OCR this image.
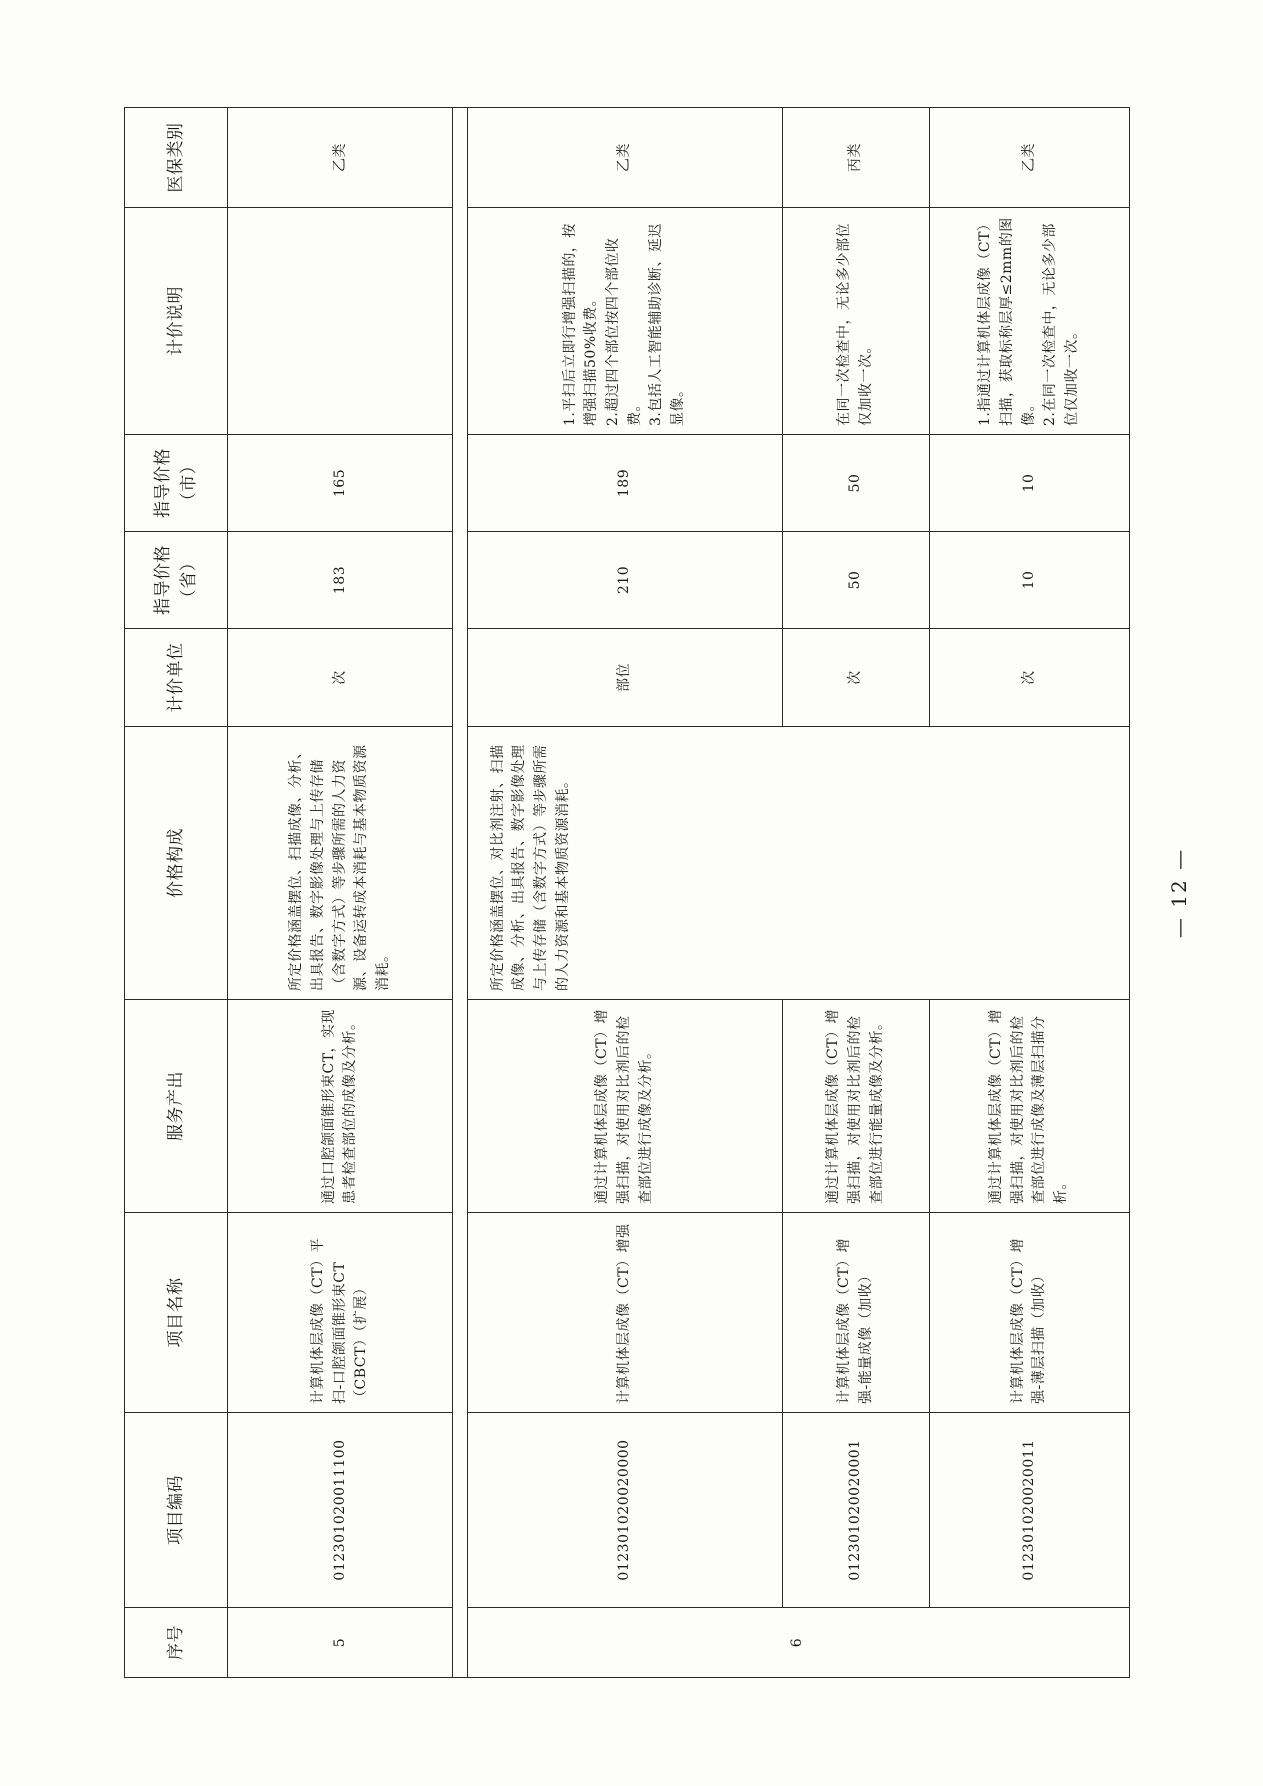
序号	项目编码	项目名称	服务产出	价格构成	计价单位	指导价格（省）	指导价格（市）	计价说明	医保类别
5	012301020011100	计算机体层成像（CT）平扫-口腔颌面锥形束CT（CBCT）（扩展）	通过口腔颌面锥形束CT，实现患者检查部位的成像及分析。	所定价格涵盖摆位、扫描成像、分析、出具报告、数字影像处理与上传存储（含数字方式）等步骤所需的人力资源、设备运转成本消耗与基本物质资源消耗。	次	183	165		乙类

6	012301020020000	计算机体层成像（CT）增强	通过计算机体层成像（CT）增强扫描，对使用对比剂后的检查部位进行成像及分析。	所定价格涵盖摆位、对比剂注射、扫描成像、分析、出具报告、数字影像处理与上传存储（含数字方式）等步骤所需的人力资源和基本物质资源消耗。	部位	210	189	1.平扫后立即行增强扫描的，按增强扫描50%收费。 2.超过四个部位按四个部位收费。 3.包括人工智能辅助诊断、延迟显像。	乙类
	012301020020001	计算机体层成像（CT）增强-能量成像（加收）	通过计算机体层成像（CT）增强扫描，对使用对比剂后的检查部位进行能量成像及分析。		次	50	50	在同一次检查中，无论多少部位仅加收一次。	丙类
	012301020020011	计算机体层成像（CT）增强-薄层扫描（加收）	通过计算机体层成像（CT）增强扫描，对使用对比剂后的检查部位进行成像及薄层扫描分析。		次	10	10	1.指通过计算机体层成像（CT）扫描，获取标称层厚≤2mm的图像。 2.在同一次检查中，无论多少部位仅加收一次。	乙类
— 12 —
